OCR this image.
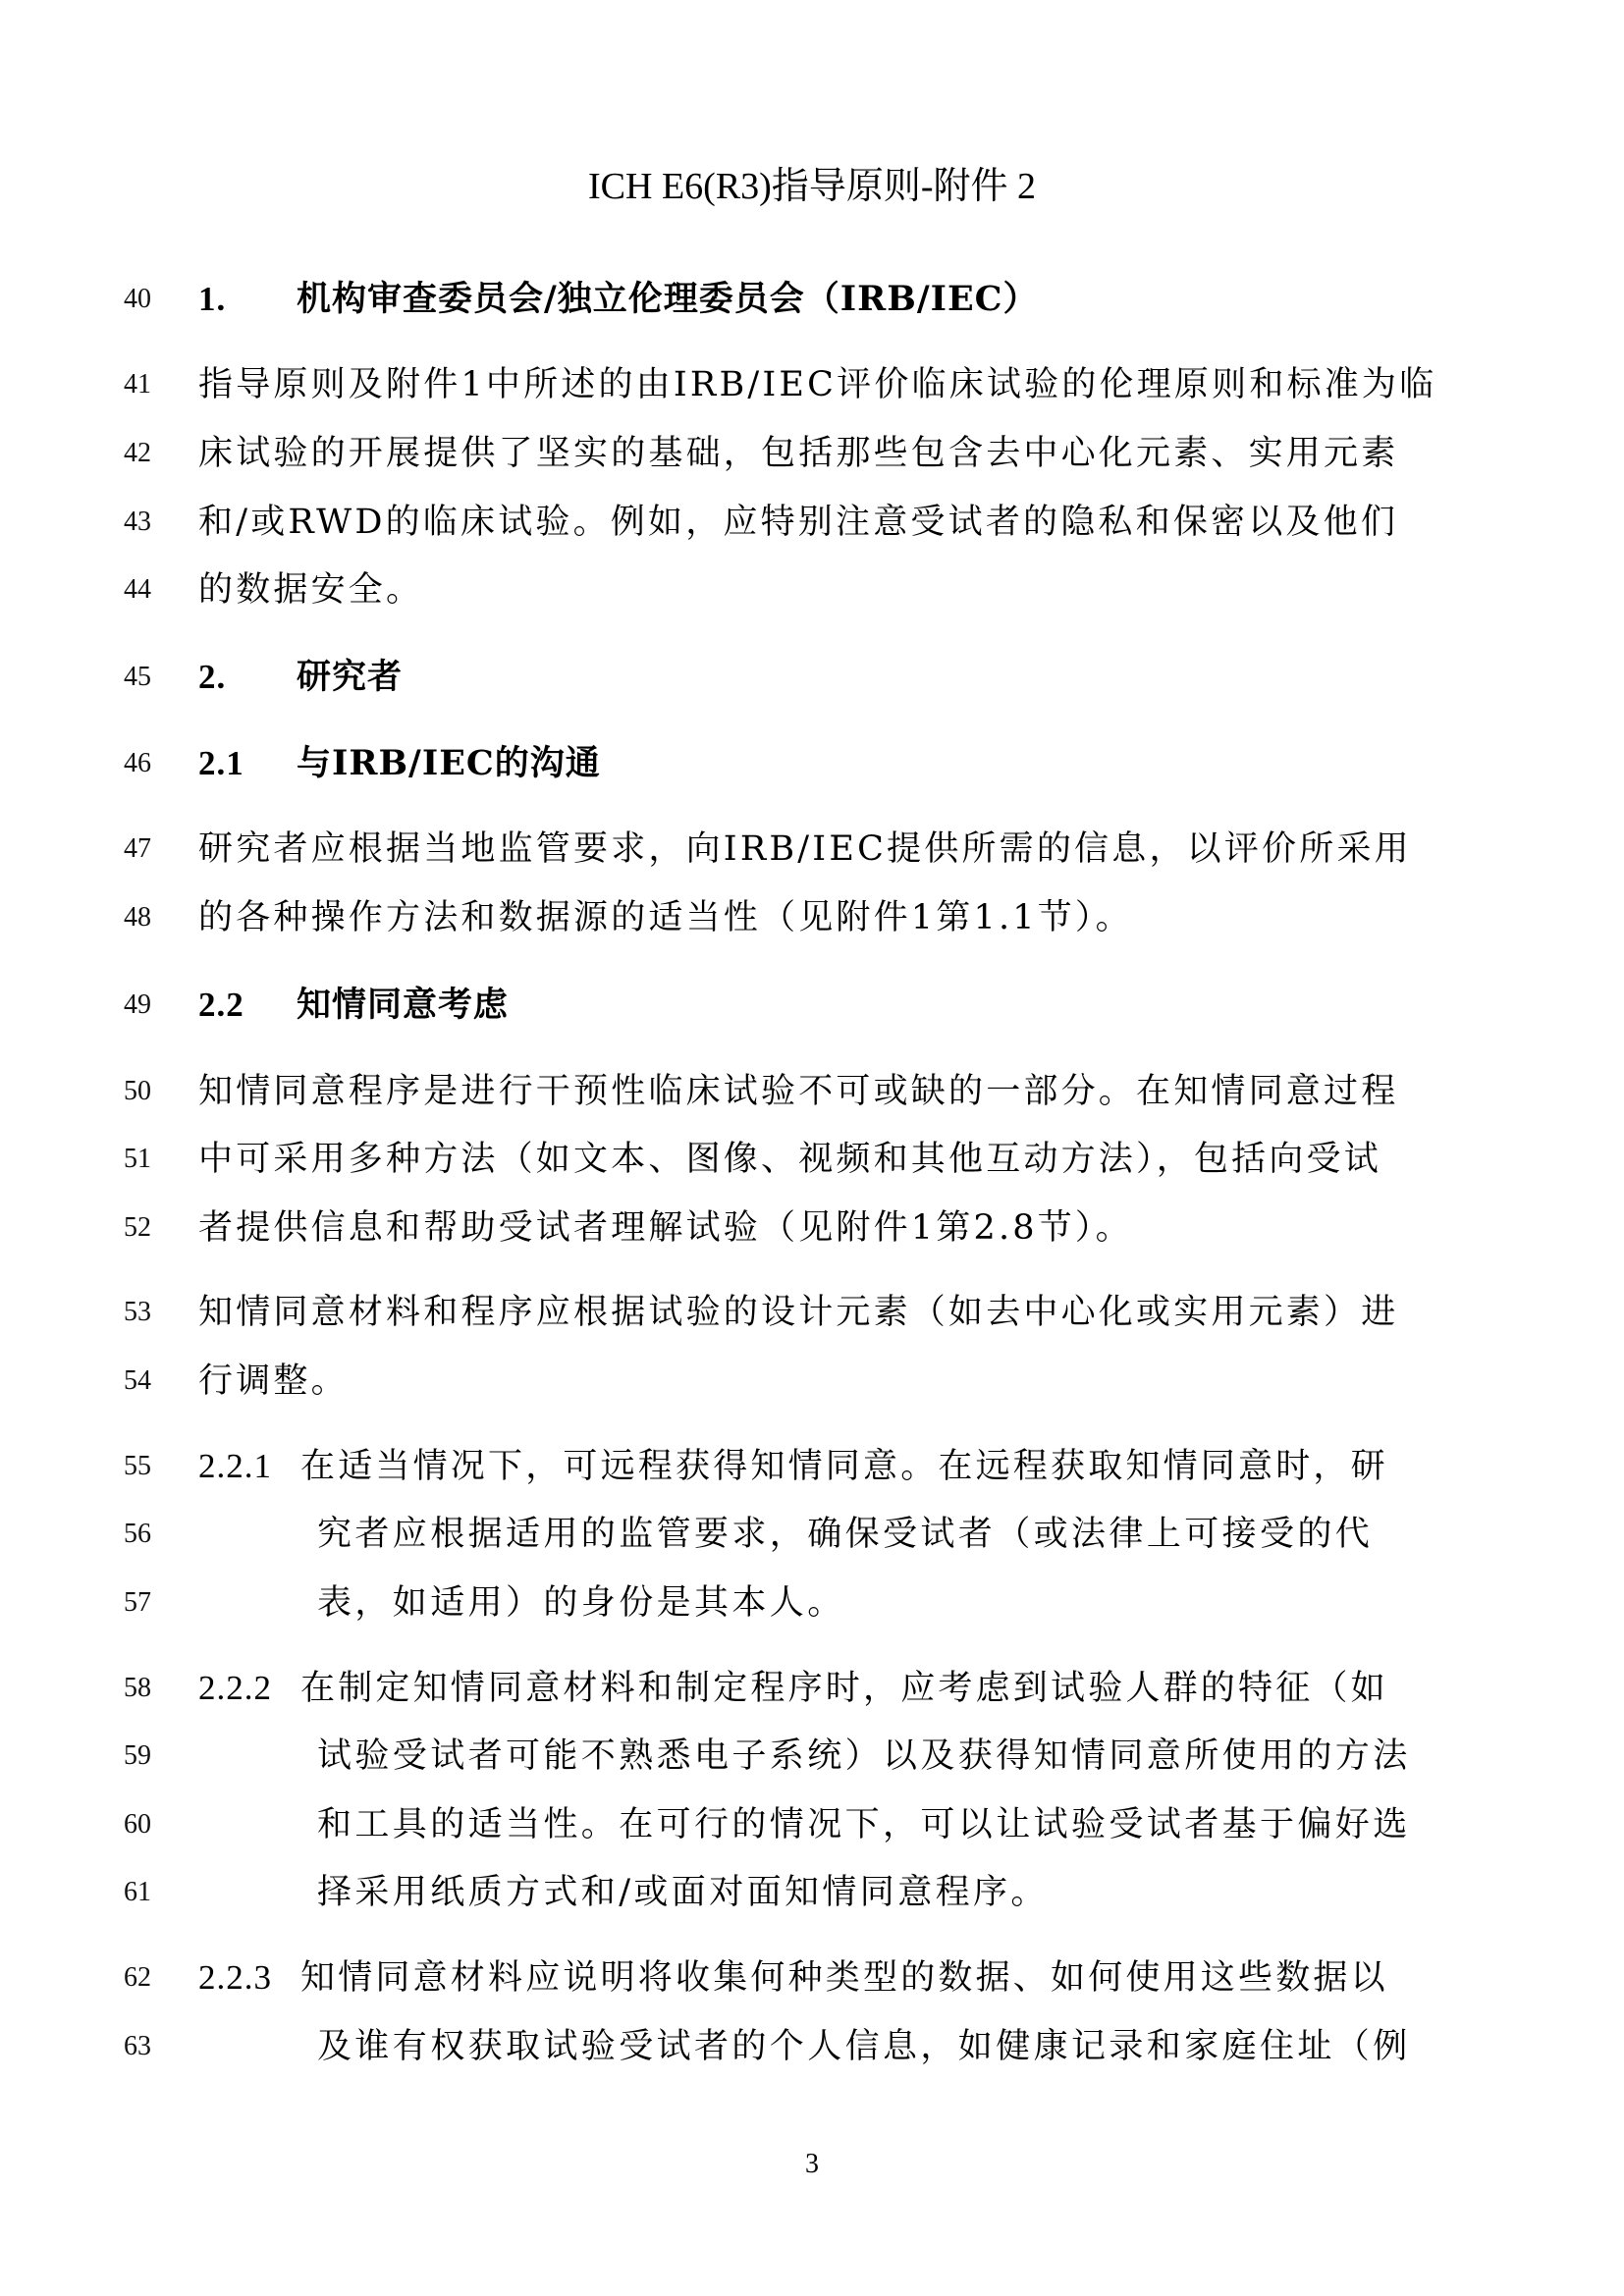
ICH E6(R3)指导原则-附件 2
40 1. 机构审查委员会/独立伦理委员会（IRB/IEC）
41 指导原则及附件1中所述的由IRB/IEC评价临床试验的伦理原则和标准为临
42 床试验的开展提供了坚实的基础，包括那些包含去中心化元素、实用元素
43 和/或RWD的临床试验。例如，应特别注意受试者的隐私和保密以及他们
44 的数据安全。
45 2. 研究者
46 2.1 与IRB/IEC的沟通
47 研究者应根据当地监管要求，向IRB/IEC提供所需的信息，以评价所采用
48 的各种操作方法和数据源的适当性（见附件1第1.1节）。
49 2.2 知情同意考虑
50 知情同意程序是进行干预性临床试验不可或缺的一部分。在知情同意过程
51 中可采用多种方法（如文本、图像、视频和其他互动方法），包括向受试
52 者提供信息和帮助受试者理解试验（见附件1第2.8节）。
53 知情同意材料和程序应根据试验的设计元素（如去中心化或实用元素）进
54 行调整。
55 2.2.1 在适当情况下，可远程获得知情同意。在远程获取知情同意时，研
56	究者应根据适用的监管要求，确保受试者（或法律上可接受的代
57	表，如适用）的身份是其本人。
58 2.2.2 在制定知情同意材料和制定程序时，应考虑到试验人群的特征（如
59	试验受试者可能不熟悉电子系统）以及获得知情同意所使用的方法
60	和工具的适当性。在可行的情况下，可以让试验受试者基于偏好选
61	择采用纸质方式和/或面对面知情同意程序。
62 2.2.3 知情同意材料应说明将收集何种类型的数据、如何使用这些数据以
63	及谁有权获取试验受试者的个人信息，如健康记录和家庭住址（例
3
